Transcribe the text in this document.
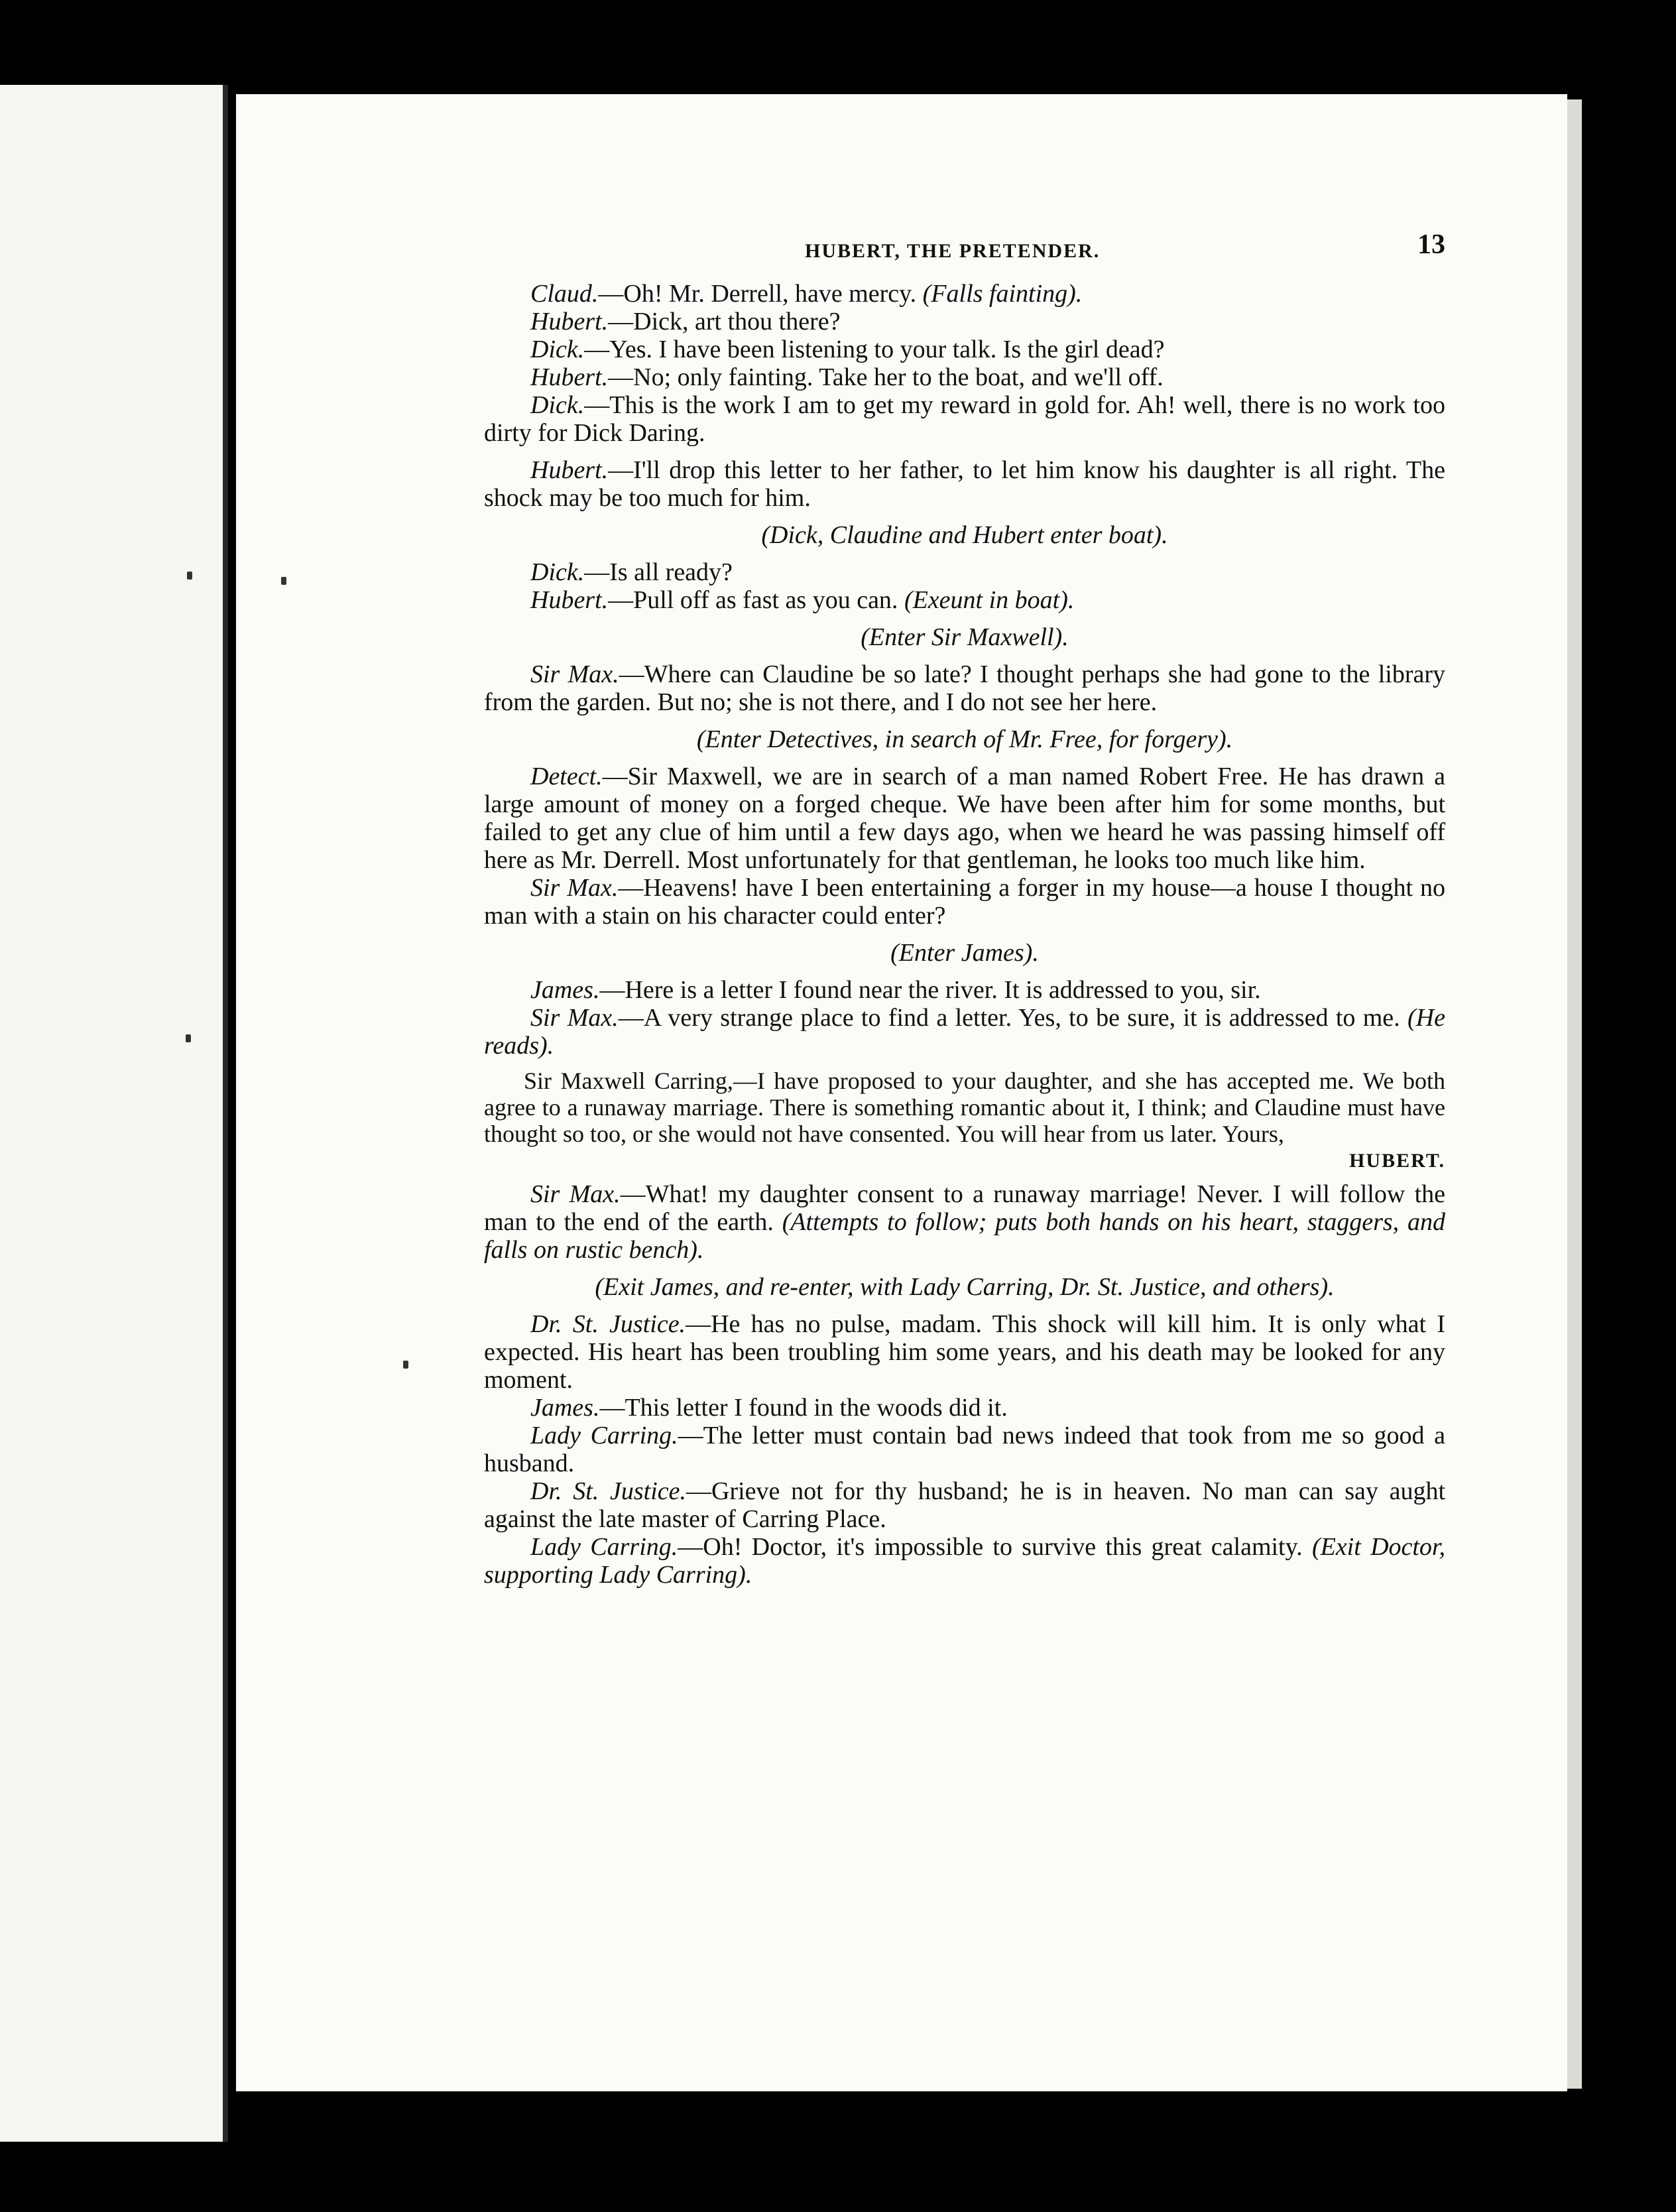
HUBERT, THE PRETENDER.	13

Claud.—Oh! Mr. Derrell, have mercy. (Falls fainting).

Hubert.—Dick, art thou there?

Dick.—Yes. I have been listening to your talk. Is the girl dead?

Hubert.—No; only fainting. Take her to the boat, and we'll off.

Dick.—This is the work I am to get my reward in gold for. Ah! well, there is no work too dirty for Dick Daring.

Hubert.—I'll drop this letter to her father, to let him know his daughter is all right. The shock may be too much for him.

(Dick, Claudine and Hubert enter boat).

Dick.—Is all ready?

Hubert.—Pull off as fast as you can. (Exeunt in boat).

(Enter Sir Maxwell).

Sir Max.—Where can Claudine be so late? I thought perhaps she had gone to the library from the garden. But no; she is not there, and I do not see her here.

(Enter Detectives, in search of Mr. Free, for forgery).

Detect.—Sir Maxwell, we are in search of a man named Robert Free. He has drawn a large amount of money on a forged cheque. We have been after him for some months, but failed to get any clue of him until a few days ago, when we heard he was passing himself off here as Mr. Derrell. Most unfortunately for that gentleman, he looks too much like him.

Sir Max.—Heavens! have I been entertaining a forger in my house—a house I thought no man with a stain on his character could enter?

(Enter James).

James.—Here is a letter I found near the river. It is addressed to you, sir.

Sir Max.—A very strange place to find a letter. Yes, to be sure, it is addressed to me. (He reads).

Sir Maxwell Carring,—I have proposed to your daughter, and she has accepted me. We both agree to a runaway marriage. There is something romantic about it, I think; and Claudine must have thought so too, or she would not have consented. You will hear from us later. Yours,

HUBERT.

Sir Max.—What! my daughter consent to a runaway marriage! Never. I will follow the man to the end of the earth. (Attempts to follow; puts both hands on his heart, staggers, and falls on rustic bench).

(Exit James, and re-enter, with Lady Carring, Dr. St. Justice, and others).

Dr. St. Justice.—He has no pulse, madam. This shock will kill him. It is only what I expected. His heart has been troubling him some years, and his death may be looked for any moment.

James.—This letter I found in the woods did it.

Lady Carring.—The letter must contain bad news indeed that took from me so good a husband.

Dr. St. Justice.—Grieve not for thy husband; he is in heaven. No man can say aught against the late master of Carring Place.

Lady Carring.—Oh! Doctor, it's impossible to survive this great calamity. (Exit Doctor, supporting Lady Carring).
